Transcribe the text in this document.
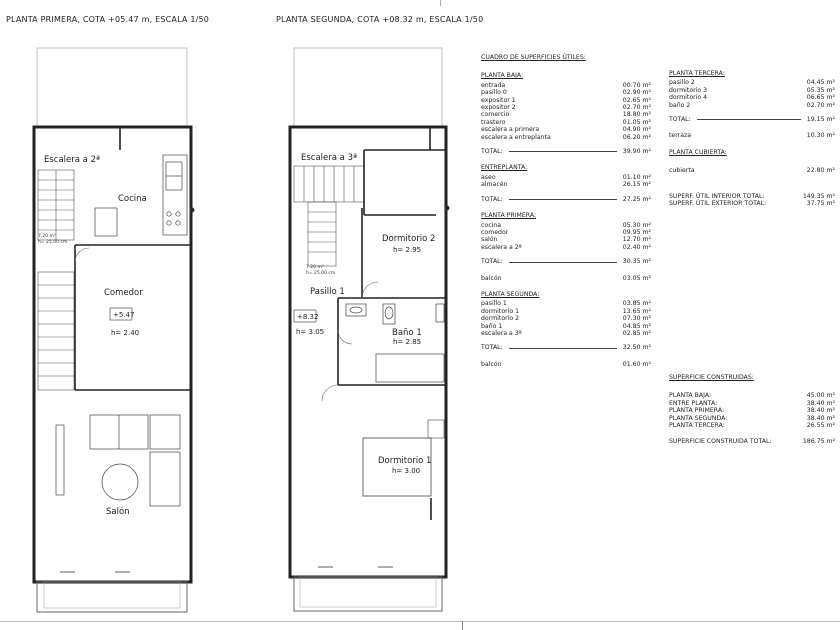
PLANTA PRIMERA, COTA +05.47 m, ESCALA 1/50	PLANTA SEGUNDA, COTA +08.32 m, ESCALA 1/50
Escalera a 2ª
Cocina
Comedor
+5.47
h= 2.40
Salón
7.20 m²
h= 25.00 cm
Escalera a 3ª
Dormitorio 2
h= 2.95
Pasillo 1
+8.32
h= 3.05	Baño 1
h= 2.85
Dormitorio 1
h= 3.00
7.20 m²
h= 25.00 cm
CUADRO DE SUPERFICIES ÚTILES:
PLANTA BAJA:
entrada	00.70 m²
pasillo 0	02.90 m²
expositor 1	02.65 m²
expositor 2	02.70 m²
comercio	18.80 m²
trastero	01.05 m²
escalera a primera	04.90 m²
escalera a entreplanta	06.20 m²
TOTAL:	39.90 m²
ENTREPLANTA:
aseo	01.10 m²
almacén	26.15 m²
TOTAL:	27.25 m²
PLANTA PRIMERA:
cocina	05.30 m²
comedor	09.95 m²
salón	12.70 m²
escalera a 2ª	02.40 m²
TOTAL:	30.35 m²
balcón	03.05 m²
PLANTA SEGUNDA:
pasillo 1	03.85 m²
dormitorio 1	13.65 m²
dormitorio 2	07.30 m²
baño 1	04.85 m²
escalera a 3ª	02.85 m²
TOTAL:	32.50 m²
balcón	01.60 m²
PLANTA TERCERA:
pasillo 2	04.45 m²
dormitorio 3	05.35 m²
dormitorio 4	06.65 m²
baño 2	02.70 m²
TOTAL:	19.15 m²
terraza	10.30 m²
PLANTA CUBIERTA:
cubierta	22.80 m²
SUPERF. ÚTIL INTERIOR TOTAL:	149.35 m²
SUPERF. ÚTIL EXTERIOR TOTAL:	37.75 m²
SUPERFICIE CONSTRUIDAS:
PLANTA BAJA:	45.00 m²
ENTRE PLANTA:	38.40 m²
PLANTA PRIMERA:	38.40 m²
PLANTA SEGUNDA:	38.40 m²
PLANTA TERCERA:	26.55 m²
SUPERFICIE CONSTRUIDA TOTAL:	186.75 m²
